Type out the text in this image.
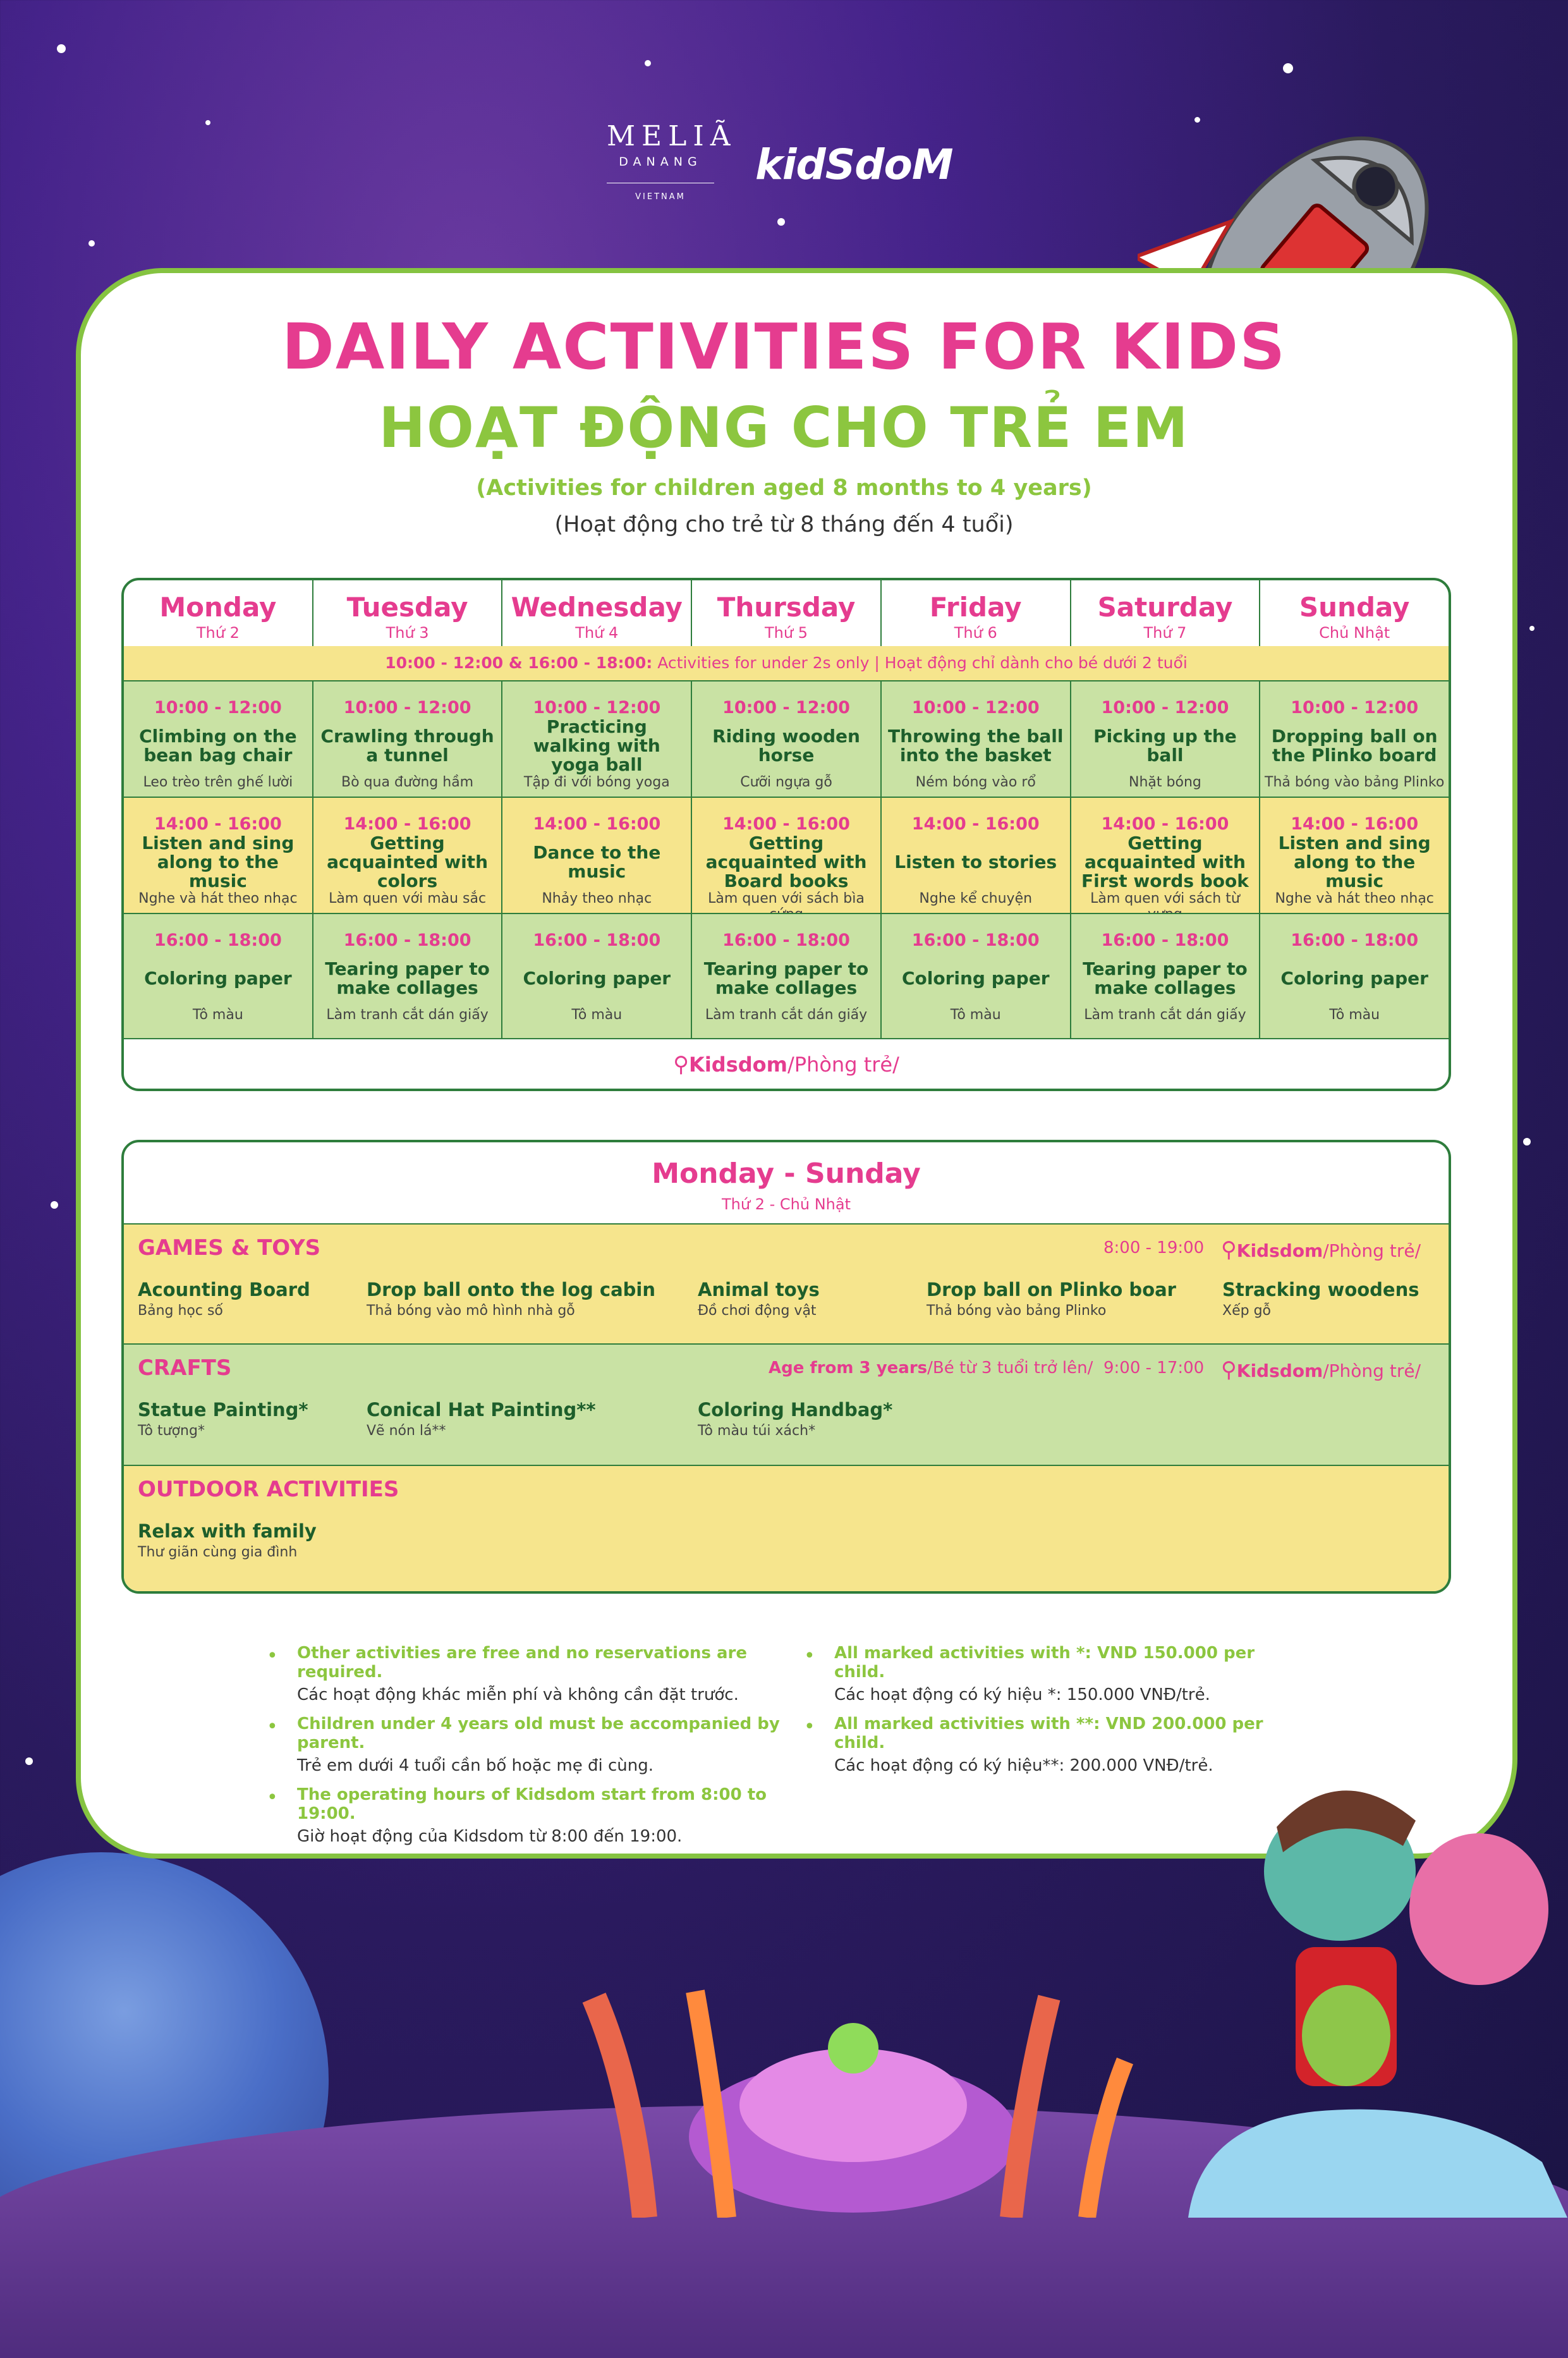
MELIÃ
DANANG
VIETNAM
kidSdoM
DAILY ACTIVITIES FOR KIDS
HOẠT ĐỘNG CHO TRẺ EM
(Activities for children aged 8 months to 4 years)
(Hoạt động cho trẻ từ 8 tháng đến 4 tuổi)
Monday
Thứ 2
Tuesday
Thứ 3
Wednesday
Thứ 4
Thursday
Thứ 5
Friday
Thứ 6
Saturday
Thứ 7
Sunday
Chủ Nhật
10:00 - 12:00 & 16:00 - 18:00: Activities for under 2s only | Hoạt động chỉ dành cho bé dưới 2 tuổi
10:00 - 12:00
Climbing on the bean bag chair
Leo trèo trên ghế lười
10:00 - 12:00
Crawling through a tunnel
Bò qua đường hầm
10:00 - 12:00
Practicing walking with yoga ball
Tập đi với bóng yoga
10:00 - 12:00
Riding wooden horse
Cưỡi ngựa gỗ
10:00 - 12:00
Throwing the ball into the basket
Ném bóng vào rổ
10:00 - 12:00
Picking up the ball
Nhặt bóng
10:00 - 12:00
Dropping ball on the Plinko board
Thả bóng vào bảng Plinko
14:00 - 16:00
Listen and sing along to the music
Nghe và hát theo nhạc
14:00 - 16:00
Getting acquainted with colors
Làm quen với màu sắc
14:00 - 16:00
Dance to the music
Nhảy theo nhạc
14:00 - 16:00
Getting acquainted with Board books
Làm quen với sách bìa
14:00 - 16:00
Listen to stories
Nghe kể chuyện
14:00 - 16:00
Getting acquainted with First words book
Làm quen với sách từ
14:00 - 16:00
Listen and sing along to the music
Nghe và hát theo nhạc
16:00 - 18:00
Coloring paper
Tô màu
16:00 - 18:00
Tearing paper to make collages
Làm tranh cắt dán giấy
16:00 - 18:00
Coloring paper
Tô màu
16:00 - 18:00
Tearing paper to make collages
Làm tranh cắt dán giấy
16:00 - 18:00
Coloring paper
Tô màu
16:00 - 18:00
Tearing paper to make collages
Làm tranh cắt dán giấy
16:00 - 18:00
Coloring paper
Tô màu
⚲Kidsdom/Phòng trẻ/
Monday - Sunday
Thứ 2 - Chủ Nhật
GAMES & TOYS	8:00 - 19:00 ⚲Kidsdom/Phòng trẻ/
Acounting Board
Bảng học số
Drop ball onto the log cabin
Thả bóng vào mô hình nhà gỗ
Animal toys
Đồ chơi động vật
Drop ball on Plinko boar
Thả bóng vào bảng Plinko
Stracking woodens
Xếp gỗ
CRAFTS	Age from 3 years/Bé từ 3 tuổi trở lên/ 9:00 - 17:00 ⚲Kidsdom/Phòng trẻ/
Statue Painting*
Tô tượng*
Conical Hat Painting**
Vẽ nón lá**
Coloring Handbag*
Tô màu túi xách*
OUTDOOR ACTIVITIES
Relax with family
Thư giãn cùng gia đình
• Other activities are free and no reservations are required.
Các hoạt động khác miễn phí và không cần đặt trước.
• Children under 4 years old must be accompanied by parent.
Trẻ em dưới 4 tuổi cần bố hoặc mẹ đi cùng.
• The operating hours of Kidsdom start from 8:00 to 19:00.
Giờ hoạt động của Kidsdom từ 8:00 đến 19:00.
• All marked activities with *: VND 150.000 per child.
Các hoạt động có ký hiệu *: 150.000 VNĐ/trẻ.
• All marked activities with **: VND 200.000 per child.
Các hoạt động có ký hiệu**: 200.000 VNĐ/trẻ.
